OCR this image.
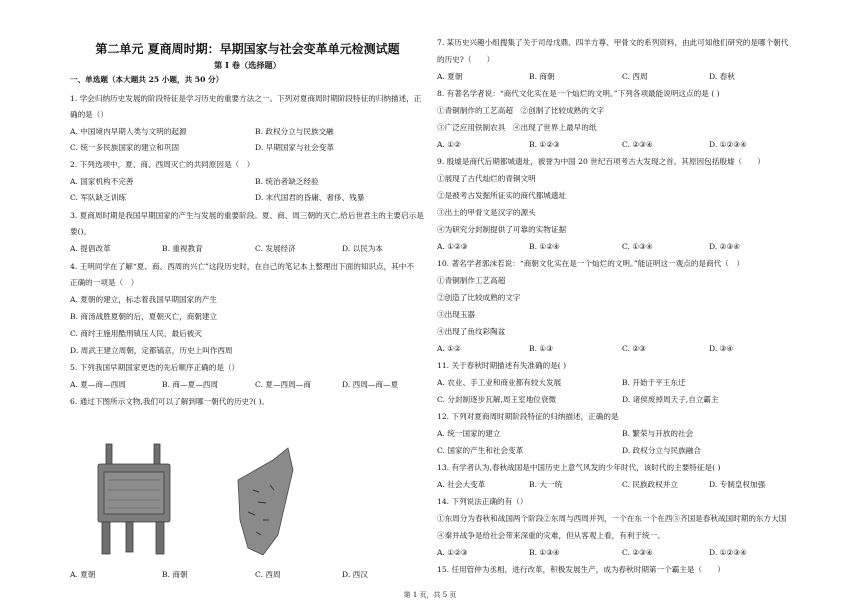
第二单元 夏商周时期：早期国家与社会变革单元检测试题
第 I 卷（选择题）
一、单选题（本大题共 25 小题，共 50 分）
1. 学会归纳历史发展的阶段特征是学习历史的重要方法之一。下列对夏商周时期阶段特征的归纳描述，正
确的是（）
A. 中国境内早期人类与文明的起源	B. 政权分立与民族交融
C. 统一多民族国家的建立和巩固	D. 早期国家与社会变革
2. 下列选项中，夏、商、西周灭亡的共同原因是（　）
A. 国家机构不完善	B. 统治者缺乏经验
C. 军队缺乏训练	D. 末代国君的昏庸、奢侈、残暴
3. 夏商周时期是我国早期国家的产生与发展的重要阶段。夏、商、周三朝的灭亡,给后世君主的主要启示是
要()。
A. 提倡改革	B. 重视教育	C. 发展经济	D. 以民为本
4. 王明同学在了解“夏、商、西周的兴亡”这段历史时，在自己的笔记本上整理出下面的知识点，其中不
正确的一项是（　）
A. 夏朝的建立，标志着我国早期国家的产生
B. 商汤战胜夏朝的后，夏朝灭亡，商朝建立
C. 商纣王施用酷刑镇压人民，最后被灭
D. 周武王建立周朝，定都镐京，历史上叫作西周
5. 下列我国早期国家更迭的先后顺序正确的是（）
A. 夏—商—西周	B. 商—夏—西周	C. 夏—西周—商	D. 西周—商—夏
6. 通过下图所示文物,我们可以了解到哪一朝代的历史?( )。
A. 夏朝	B. 商朝	C. 西周	D. 西汉
7. 某历史兴趣小组搜集了关于司母戊鼎、四羊方尊、甲骨文的系列资料，由此可知他们研究的是哪个朝代
的历史?（　　）
A. 夏朝	B. 商朝	C. 西周	D. 春秋
8. 有著名学者说：“商代文化实在是一个灿烂的文明。”下列各项最能说明这点的是 ( )
①青铜制作的工艺高超　②创制了比较成熟的文字
③广泛应用铁制农具　④出现了世界上最早的纸
A. ①②	B. ①②③	C. ②③④	D. ①②③④
9. 殷墟是商代后期都城遗址，被誉为中国 20 世纪百项考古大发现之首。其原因包括殷墟（　　）
①展现了古代灿烂的青铜文明
②是被考古发掘所证实的商代都城遗址
③出土的甲骨文是汉字的源头
④为研究分封制提供了可靠的实物证据
A. ①②③	B. ①②④	C. ①③④	D. ②③④
10. 著名学者郭沫若说：“商朝文化实在是一个灿烂的文明。”能证明这一观点的是商代（　）
①青铜制作工艺高超
②创造了比较成熟的文字
③出现玉器
④出现了鱼纹彩陶盆
A. ①②	B. ①③	C. ②③	D. ③④
11. 关于春秋时期描述有失准确的是( )
A. 农业、手工业和商业都有较大发展	B. 开始于平王东迁
C. 分封制逐步瓦解,周王室地位衰微	D. 诸侯废掉周天子,自立霸主
12. 下列对夏商周时期阶段特征的归纳描述，正确的是
A. 统一国家的建立	B. 繁荣与开放的社会
C. 国家的产生和社会变革	D. 政权分立与民族融合
13. 有学者认为,春秋战国是中国历史上意气风发的少年时代，该时代的主要特征是( )
A. 社会大变革	B. 大一统	C. 民族政权并立	D. 专制皇权加强
14. 下列说法正确的有（）
①东周分为春秋和战国两个阶段②东周与西周并列，一个在东一个在西③齐国是春秋战国时期的东方大国
④秦并战争是给社会带来深重的灾难，但从客观上看，有利于统一。
A. ①②③	B. ①③④	C. ②③④	D. ①②③④
15. 任用管仲为丞相，进行改革，积极发展生产，成为春秋时期第一个霸主是（　　）
第 1 页，共 5 页
